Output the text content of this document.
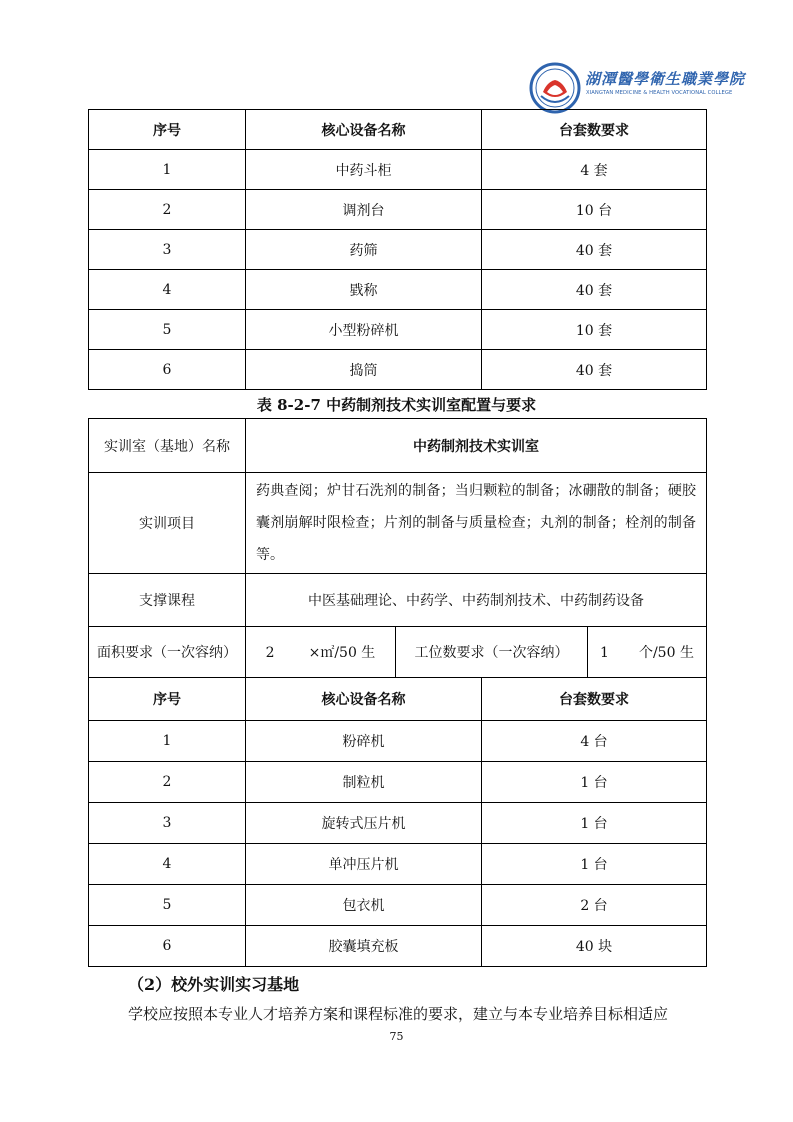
湖潭醫學衛生職業學院
XIANGTAN MEDICINE & HEALTH VOCATIONAL COLLEGE
序号	核心设备名称	台套数要求
1	中药斗柜	4 套
2	调剂台	10 台
3	药筛	40 套
4	戥称	40 套
5	小型粉碎机	10 套
6	捣筒	40 套
表 8-2-7 中药制剂技术实训室配置与要求
实训室（基地）名称	中药制剂技术实训室		
实训项目	药典查阅；炉甘石洗剂的制备；当归颗粒的制备；冰硼散的制备；硬胶囊剂崩解时限检查；片剂的制备与质量检查；丸剂的制备；栓剂的制备等。		
支撑课程	中医基础理论、中药学、中药制剂技术、中药制药设备		
面积要求（一次容纳）	2 ×㎡/50 生	工位数要求（一次容纳）	1 个/50 生
序号	核心设备名称	台套数要求
1	粉碎机	4 台
2	制粒机	1 台
3	旋转式压片机	1 台
4	单冲压片机	1 台
5	包衣机	2 台
6	胶囊填充板	40 块
（2）校外实训实习基地
学校应按照本专业人才培养方案和课程标准的要求，建立与本专业培养目标相适应
75
